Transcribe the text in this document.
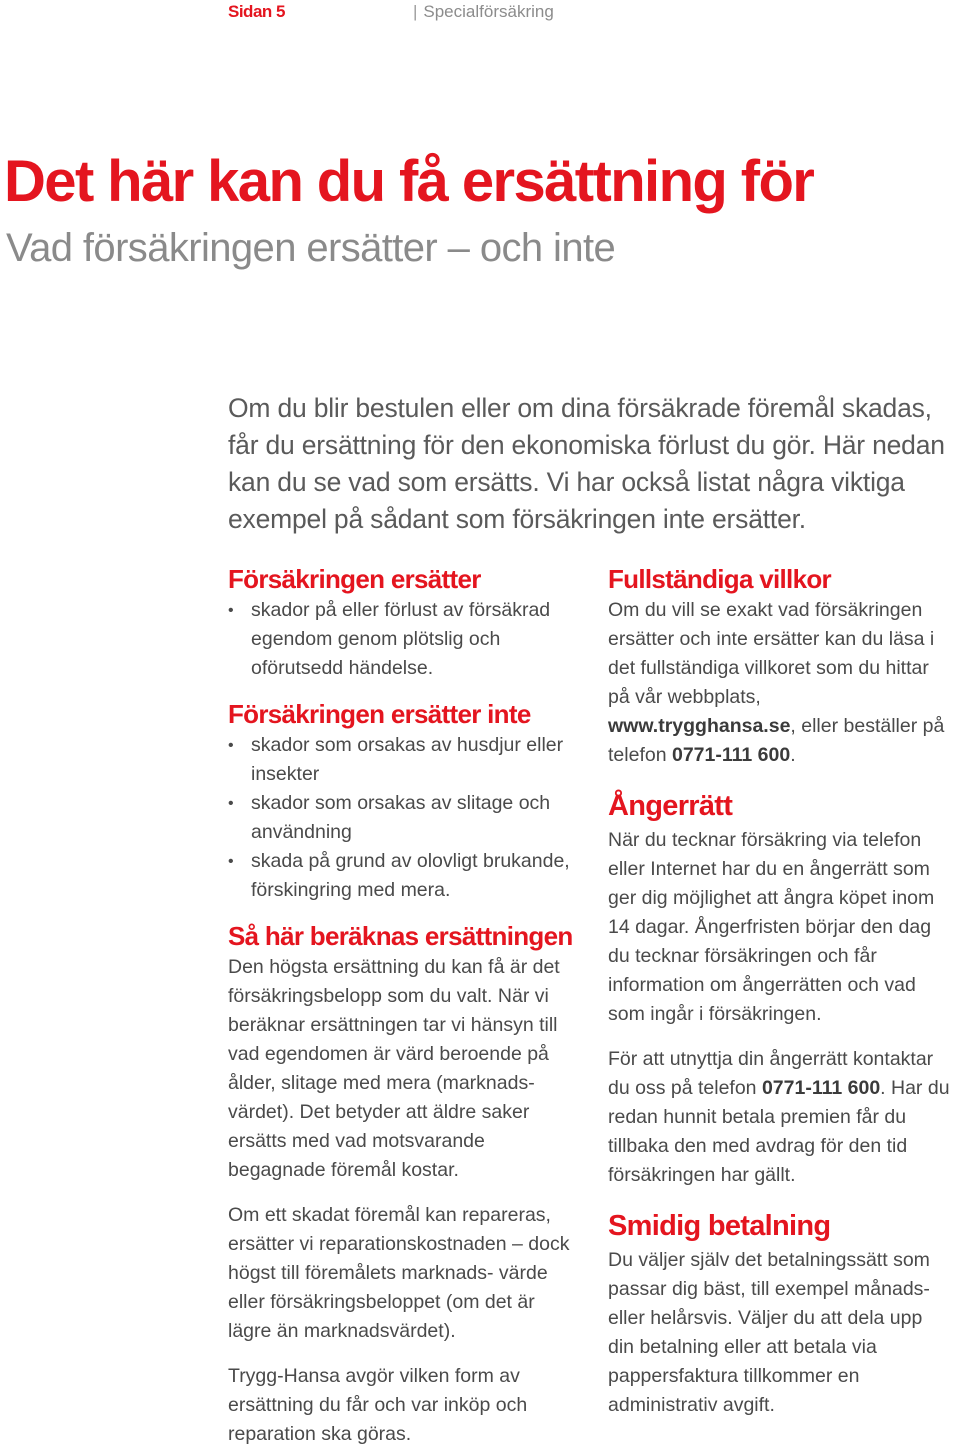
Sidan 5	| Specialförsäkring
Det här kan du få ersättning för
Vad försäkringen ersätter – och inte

Om du blir bestulen eller om dina försäkrade föremål skadas, får du ersättning för den ekonomiska förlust du gör. Här nedan kan du se vad som ersätts. Vi har också listat några viktiga exempel på sådant som försäkringen inte ersätter.

Försäkringen ersätter
• skador på eller förlust av försäkrad egendom genom plötslig och oförutsedd händelse.
Försäkringen ersätter inte
• skador som orsakas av husdjur eller insekter
• skador som orsakas av slitage och användning
• skada på grund av olovligt brukande, förskingring med mera.
Så här beräknas ersättningen

Den högsta ersättning du kan få är det försäkringsbelopp som du valt. När vi beräknar ersättningen tar vi hänsyn till vad egendomen är värd beroende på ålder, slitage med mera (marknads- värdet). Det betyder att äldre saker ersätts med vad motsvarande begagnade föremål kostar.

Om ett skadat föremål kan repareras, ersätter vi reparationskostnaden – dock högst till föremålets marknads- värde eller försäkringsbeloppet (om det är lägre än marknadsvärdet).

Trygg-Hansa avgör vilken form av ersättning du får och var inköp och reparation ska göras.

Fullständiga villkor

Om du vill se exakt vad försäkringen ersätter och inte ersätter kan du läsa i det fullständiga villkoret som du hittar på vår webbplats, www.trygghansa.se, eller beställer på telefon 0771-111 600.

Ångerrätt

När du tecknar försäkring via telefon eller Internet har du en ångerrätt som ger dig möjlighet att ångra köpet inom 14 dagar. Ångerfristen börjar den dag du tecknar försäkringen och får information om ångerrätten och vad som ingår i försäkringen.

För att utnyttja din ångerrätt kontaktar du oss på telefon 0771-111 600. Har du redan hunnit betala premien får du tillbaka den med avdrag för den tid försäkringen har gällt.

Smidig betalning

Du väljer själv det betalningssätt som passar dig bäst, till exempel månads- eller helårsvis. Väljer du att dela upp din betalning eller att betala via pappersfaktura tillkommer en administrativ avgift.
